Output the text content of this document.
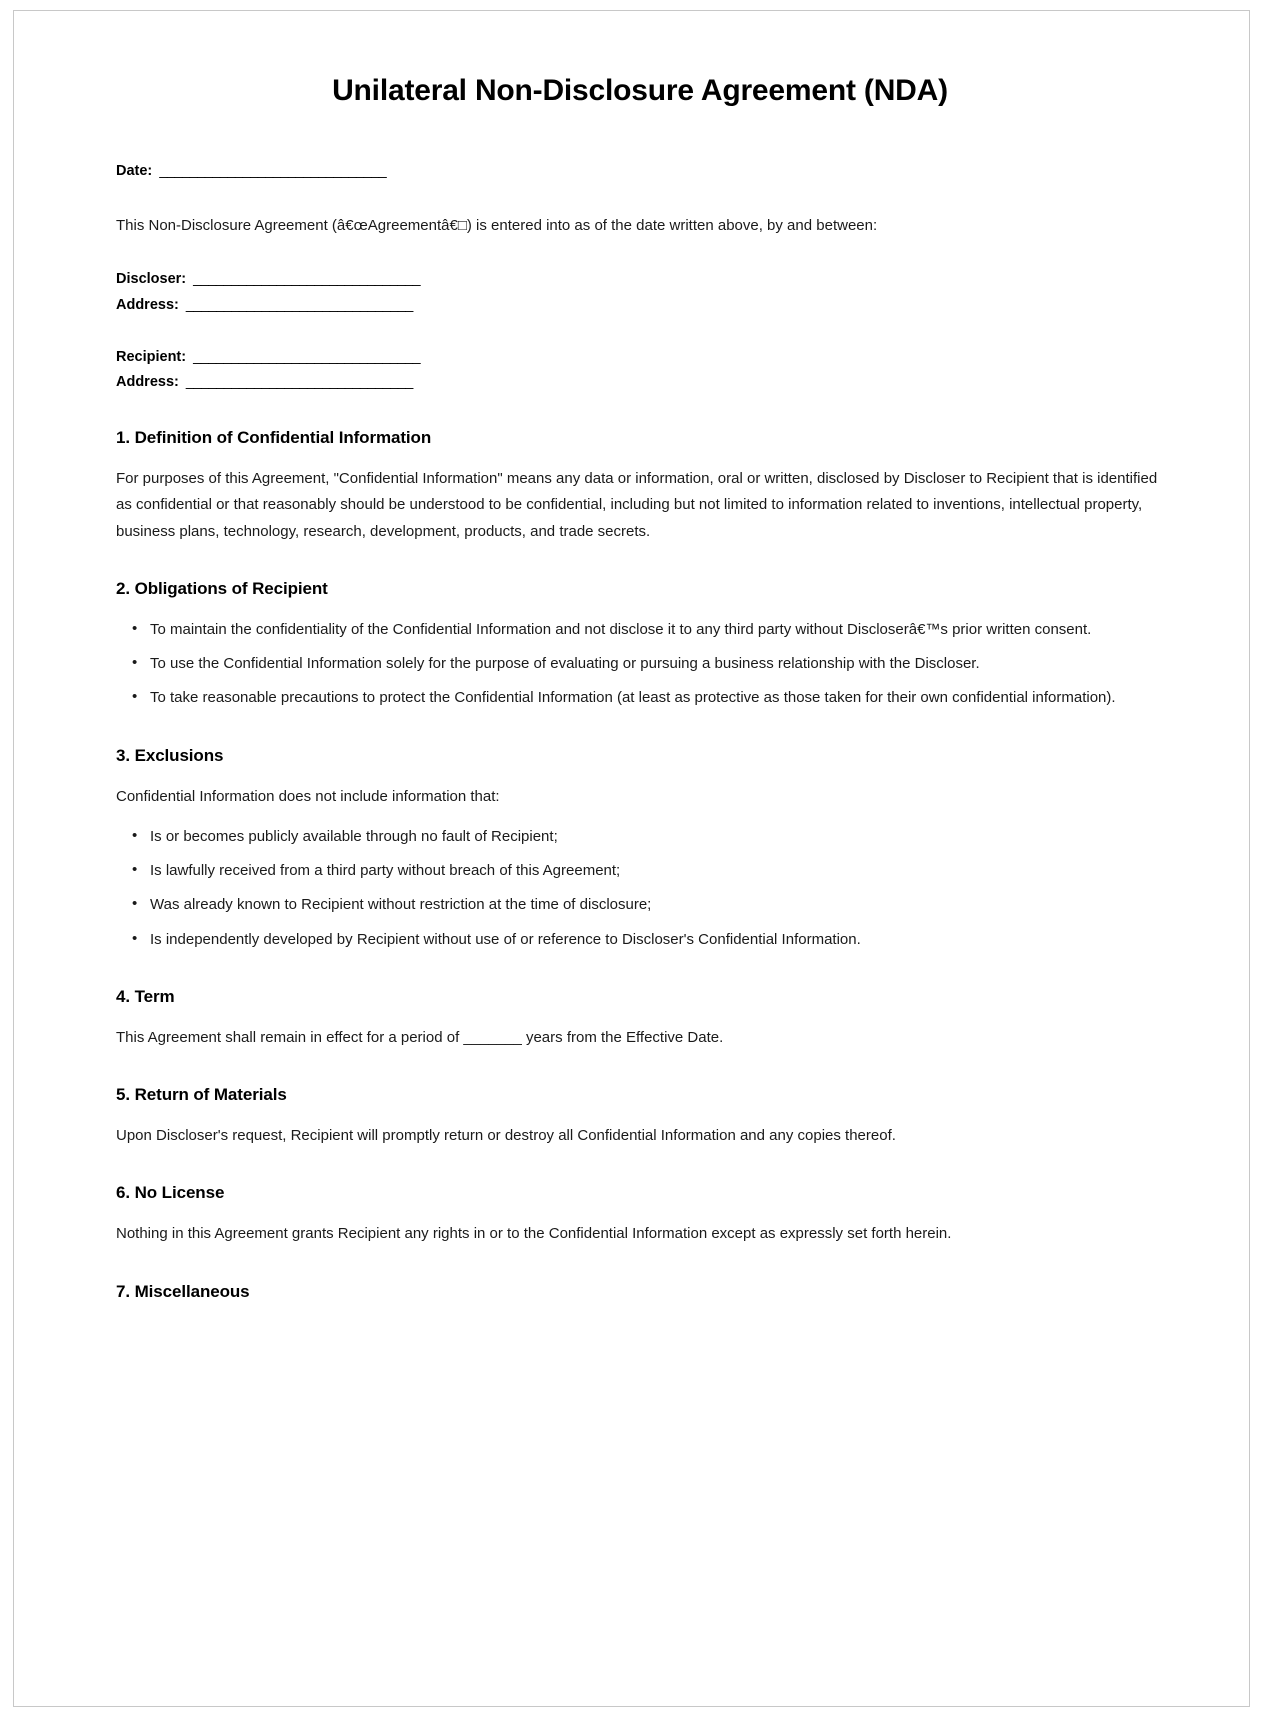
Unilateral Non-Disclosure Agreement (NDA)

Date:  ______________________________

This Non-Disclosure Agreement (â€œAgreementâ€□) is entered into as of the date written above, by and between:

Discloser:  ______________________________

Address:  ______________________________

Recipient:  ______________________________

Address:  ______________________________

1. Definition of Confidential Information

For purposes of this Agreement, "Confidential Information" means any data or information, oral or written, disclosed by Discloser to Recipient that is identified as confidential or that reasonably should be understood to be confidential, including but not limited to information related to inventions, intellectual property, business plans, technology, research, development, products, and trade secrets.

2. Obligations of Recipient
• To maintain the confidentiality of the Confidential Information and not disclose it to any third party without Discloserâ€™s prior written consent.
• To use the Confidential Information solely for the purpose of evaluating or pursuing a business relationship with the Discloser.
• To take reasonable precautions to protect the Confidential Information (at least as protective as those taken for their own confidential information).
3. Exclusions

Confidential Information does not include information that:

• Is or becomes publicly available through no fault of Recipient;
• Is lawfully received from a third party without breach of this Agreement;
• Was already known to Recipient without restriction at the time of disclosure;
• Is independently developed by Recipient without use of or reference to Discloser's Confidential Information.
4. Term

This Agreement shall remain in effect for a period of _______ years from the Effective Date.

5. Return of Materials

Upon Discloser's request, Recipient will promptly return or destroy all Confidential Information and any copies thereof.

6. No License

Nothing in this Agreement grants Recipient any rights in or to the Confidential Information except as expressly set forth herein.

7. Miscellaneous
